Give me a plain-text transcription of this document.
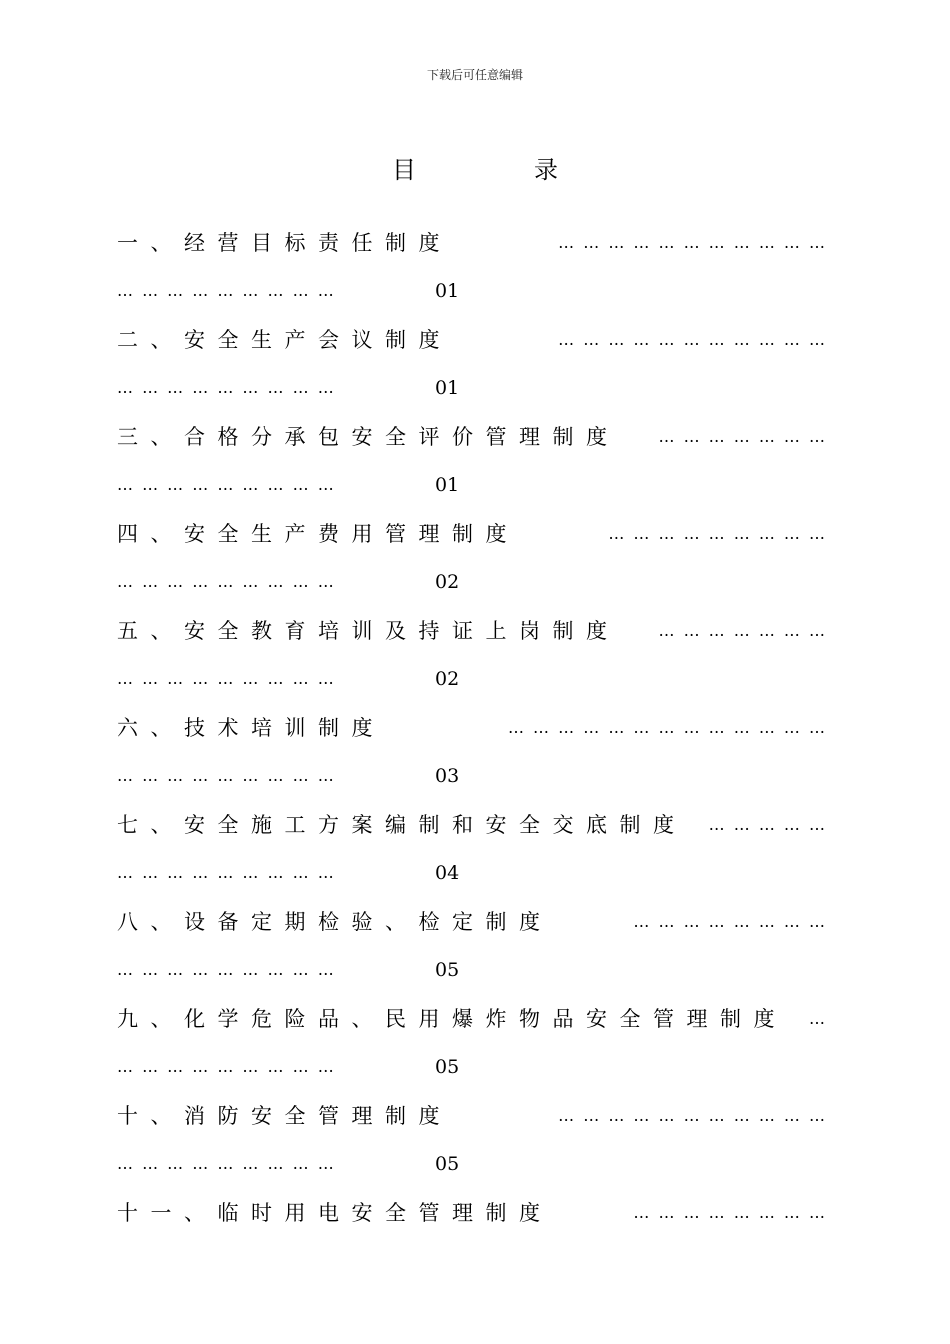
下载后可任意编辑
目	录
一、经营目标责任制度	… … … … … … … … … … …
… … … … … … … … …	01
二、安全生产会议制度	… … … … … … … … … … …
… … … … … … … … …	01
三、合格分承包安全评价管理制度	… … … … … … …
… … … … … … … … …	01
四、安全生产费用管理制度	… … … … … … … … …
… … … … … … … … …	02
五、安全教育培训及持证上岗制度	… … … … … … …
… … … … … … … … …	02
六、技术培训制度	… … … … … … … … … … … … …
… … … … … … … … …	03
七、安全施工方案编制和安全交底制度	… … … … …
… … … … … … … … …	04
八、设备定期检验、检定制度	… … … … … … … …
… … … … … … … … …	05
九、化学危险品、民用爆炸物品安全管理制度	…
… … … … … … … … …	05
十、消防安全管理制度	… … … … … … … … … … …
… … … … … … … … …	05
十一、临时用电安全管理制度	… … … … … … … …
